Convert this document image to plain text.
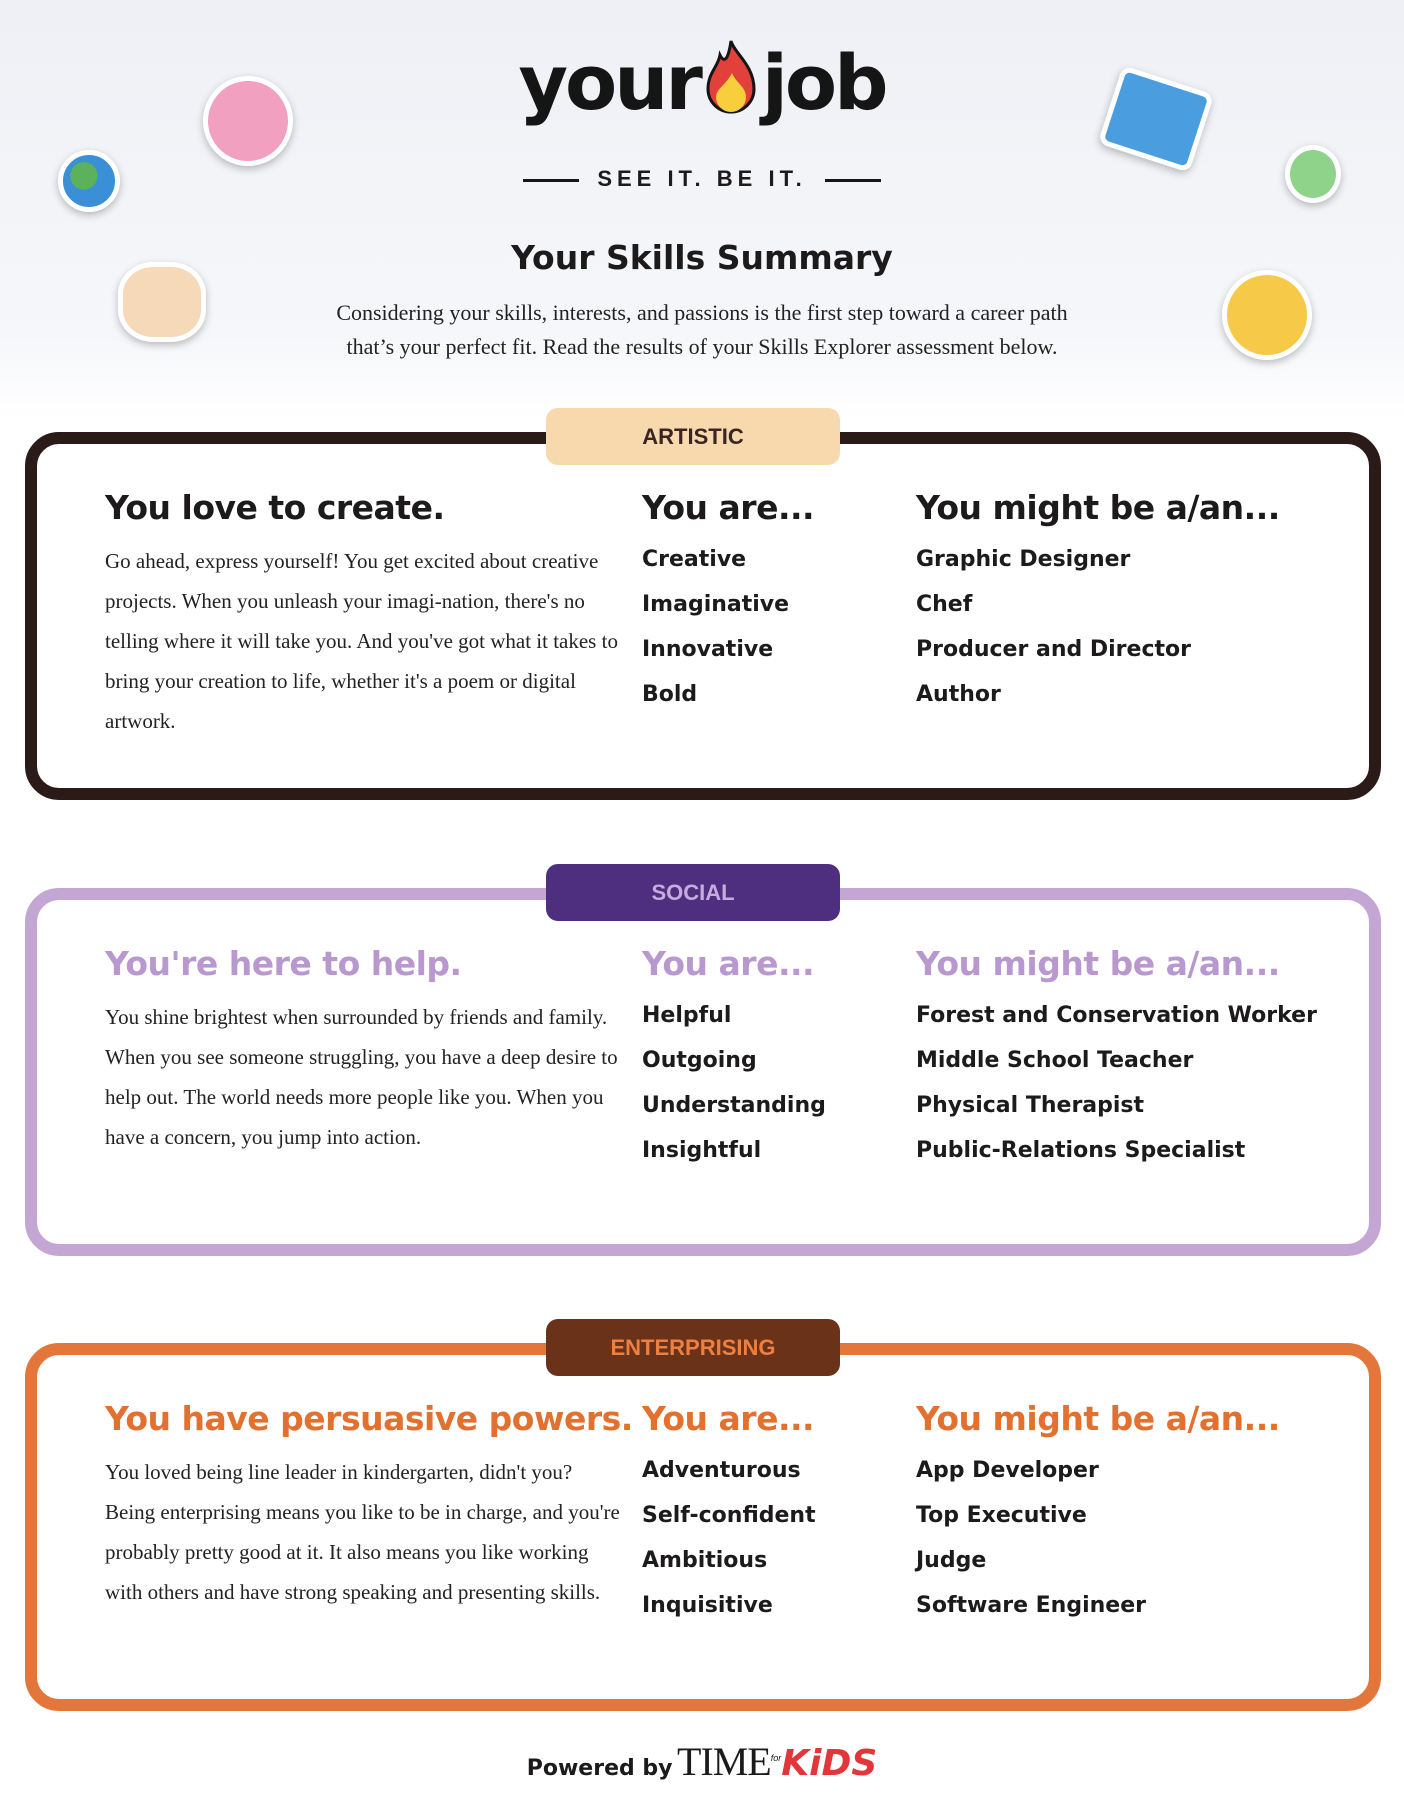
your job
SEE IT. BE IT.
Your Skills Summary
Considering your skills, interests, and passions is the first step toward a career path
that’s your perfect fit. Read the results of your Skills Explorer assessment below.
You love to create.
Go ahead, express yourself! You get excited about creative projects. When you unleash your imagi-nation, there's no telling where it will take you. And you've got what it takes to bring your creation to life, whether it's a poem or digital artwork.
You are...
Creative
Imaginative
Innovative
Bold
You might be a/an...
Graphic Designer
Chef
Producer and Director
Author
ARTISTIC
You're here to help.
You shine brightest when surrounded by friends and family. When you see someone struggling, you have a deep desire to help out. The world needs more people like you. When you have a concern, you jump into action.
You are...
Helpful
Outgoing
Understanding
Insightful
You might be a/an...
Forest and Conservation Worker
Middle School Teacher
Physical Therapist
Public-Relations Specialist
SOCIAL
You have persuasive powers.
You loved being line leader in kindergarten, didn't you? Being enterprising means you like to be in charge, and you're probably pretty good at it. It also means you like working with others and have strong speaking and presenting skills.
You are...
Adventurous
Self-confident
Ambitious
Inquisitive
You might be a/an...
App Developer
Top Executive
Judge
Software Engineer
ENTERPRISING
Powered by $TIME^{for}KiDS$
